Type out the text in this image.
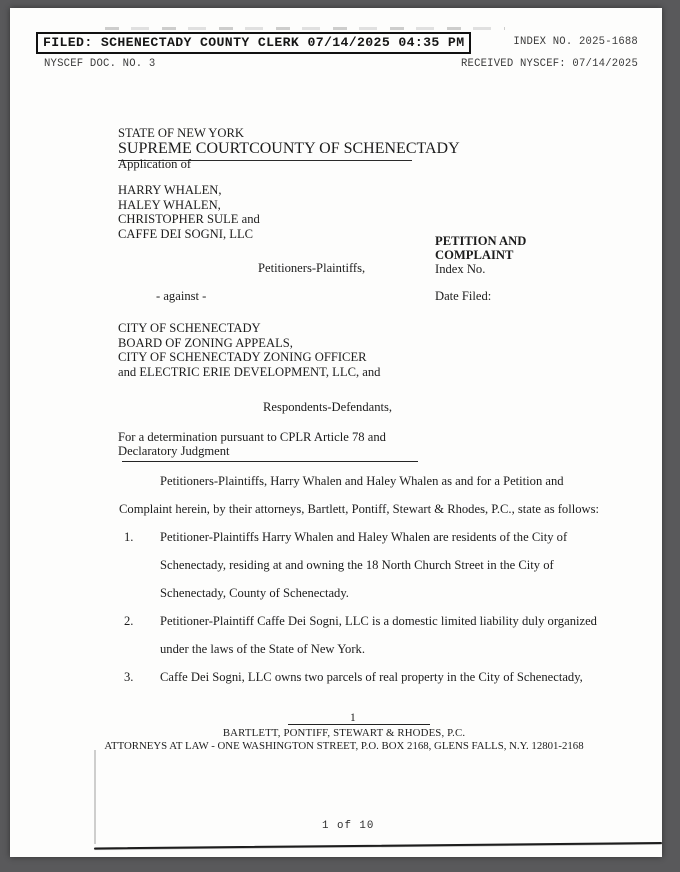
FILED: SCHENECTADY COUNTY CLERK 07/14/2025 04:35 PM	INDEX NO. 2025-1688
NYSCEF DOC. NO. 3	RECEIVED NYSCEF: 07/14/2025
STATE OF NEW YORK
SUPREME COURT COUNTY OF SCHENECTADY
Application of
HARRY WHALEN,
HALEY WHALEN,
CHRISTOPHER SULE and
CAFFE DEI SOGNI, LLC
PETITION AND
COMPLAINT
Index No.
Date Filed:
Petitioners-Plaintiffs,
- against -
CITY OF SCHENECTADY
BOARD OF ZONING APPEALS,
CITY OF SCHENECTADY ZONING OFFICER
and ELECTRIC ERIE DEVELOPMENT, LLC, and
Respondents-Defendants,
For a determination pursuant to CPLR Article 78 and
Declaratory Judgment
Petitioners-Plaintiffs, Harry Whalen and Haley Whalen as and for a Petition and
Complaint herein, by their attorneys, Bartlett, Pontiff, Stewart & Rhodes, P.C., state as follows:
1. Petitioner-Plaintiffs Harry Whalen and Haley Whalen are residents of the City of
Schenectady, residing at and owning the 18 North Church Street in the City of
Schenectady, County of Schenectady.
2. Petitioner-Plaintiff Caffe Dei Sogni, LLC is a domestic limited liability duly organized
under the laws of the State of New York.
3. Caffe Dei Sogni, LLC owns two parcels of real property in the City of Schenectady,
1
BARTLETT, PONTIFF, STEWART & RHODES, P.C.
ATTORNEYS AT LAW - ONE WASHINGTON STREET, P.O. BOX 2168, GLENS FALLS, N.Y. 12801-2168
1 of 10
